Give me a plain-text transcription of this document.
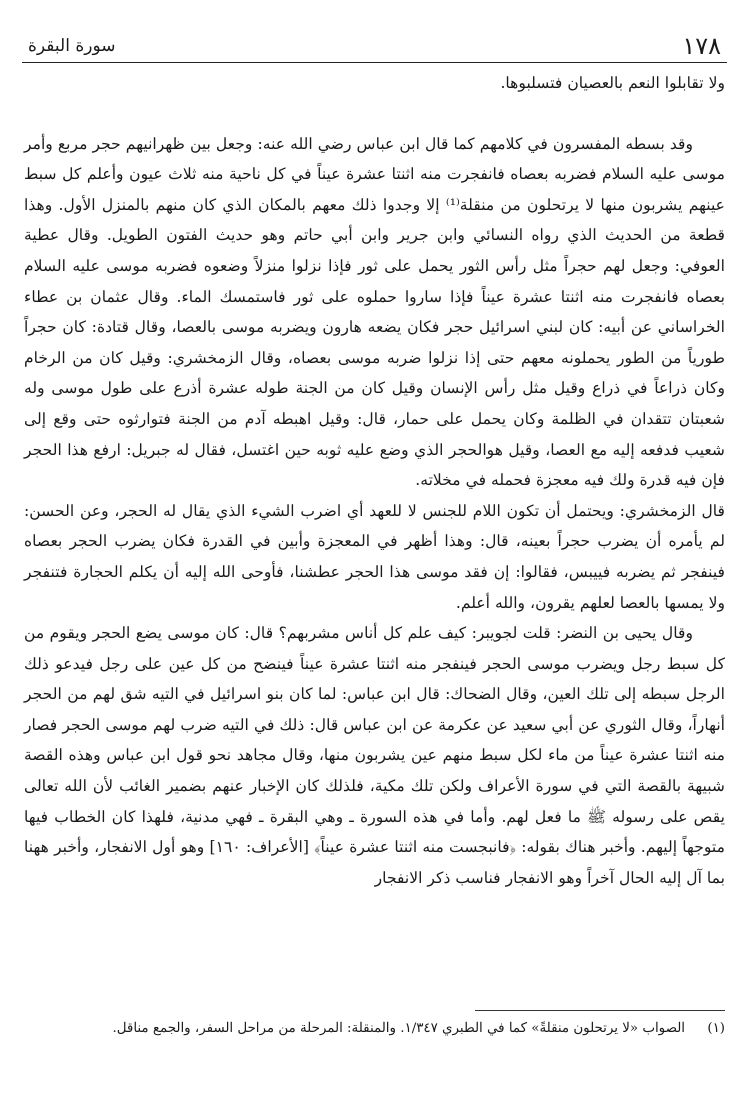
١٧٨
سورة البقرة

ولا تقابلوا النعم بالعصيان فتسلبوها.

وقد بسطه المفسرون في كلامهم كما قال ابن عباس رضي الله عنه: وجعل بين ظهرانيهم حجر مربع وأمر موسى عليه السلام فضربه بعصاه فانفجرت منه اثنتا عشرة عيناً في كل ناحية منه ثلاث عيون وأعلم كل سبط عينهم يشربون منها لا يرتحلون من منقلة⁽¹⁾ إلا وجدوا ذلك معهم بالمكان الذي كان منهم بالمنزل الأول. وهذا قطعة من الحديث الذي رواه النسائي وابن جرير وابن أبي حاتم وهو حديث الفتون الطويل. وقال عطية العوفي: وجعل لهم حجراً مثل رأس الثور يحمل على ثور فإذا نزلوا منزلاً وضعوه فضربه موسى عليه السلام بعصاه فانفجرت منه اثنتا عشرة عيناً فإذا ساروا حملوه على ثور فاستمسك الماء. وقال عثمان بن عطاء الخراساني عن أبيه: كان لبني اسرائيل حجر فكان يضعه هارون ويضربه موسى بالعصا، وقال قتادة: كان حجراً طورياً من الطور يحملونه معهم حتى إذا نزلوا ضربه موسى بعصاه، وقال الزمخشري: وقيل كان من الرخام وكان ذراعاً في ذراع وقيل مثل رأس الإنسان وقيل كان من الجنة طوله عشرة أذرع على طول موسى وله شعبتان تتقدان في الظلمة وكان يحمل على حمار، قال: وقيل اهبطه آدم من الجنة فتوارثوه حتى وقع إلى شعيب فدفعه إليه مع العصا، وقيل هوالحجر الذي وضع عليه ثوبه حين اغتسل، فقال له جبريل: ارفع هذا الحجر فإن فيه قدرة ولك فيه معجزة فحمله في مخلاته.

قال الزمخشري: ويحتمل أن تكون اللام للجنس لا للعهد أي اضرب الشيء الذي يقال له الحجر، وعن الحسن: لم يأمره أن يضرب حجراً بعينه، قال: وهذا أظهر في المعجزة وأبين في القدرة فكان يضرب الحجر بعصاه فينفجر ثم يضربه فييبس، فقالوا: إن فقد موسى هذا الحجر عطشنا، فأوحى الله إليه أن يكلم الحجارة فتنفجر ولا يمسها بالعصا لعلهم يقرون، والله أعلم.

وقال يحيى بن النضر: قلت لجويبر: كيف علم كل أناس مشربهم؟ قال: كان موسى يضع الحجر ويقوم من كل سبط رجل ويضرب موسى الحجر فينفجر منه اثنتا عشرة عيناً فينضح من كل عين على رجل فيدعو ذلك الرجل سبطه إلى تلك العين، وقال الضحاك: قال ابن عباس: لما كان بنو اسرائيل في التيه شق لهم من الحجر أنهاراً، وقال الثوري عن أبي سعيد عن عكرمة عن ابن عباس قال: ذلك في التيه ضرب لهم موسى الحجر فصار منه اثنتا عشرة عيناً من ماء لكل سبط منهم عين يشربون منها، وقال مجاهد نحو قول ابن عباس وهذه القصة شبيهة بالقصة التي في سورة الأعراف ولكن تلك مكية، فلذلك كان الإخبار عنهم بضمير الغائب لأن الله تعالى يقص على رسوله ﷺ ما فعل لهم. وأما في هذه السورة ـ وهي البقرة ـ فهي مدنية، فلهذا كان الخطاب فيها متوجهاً إليهم. وأخبر هناك بقوله: ﴿فانبجست منه اثنتا عشرة عيناً﴾ [الأعراف: ١٦٠] وهو أول الانفجار، وأخبر ههنا بما آل إليه الحال آخراً وهو الانفجار فناسب ذكر الانفجار

(١)الصواب «لا يرتحلون منقلةً» كما في الطبري ١/٣٤٧. والمنقلة: المرحلة من مراحل السفر، والجمع مناقل.
